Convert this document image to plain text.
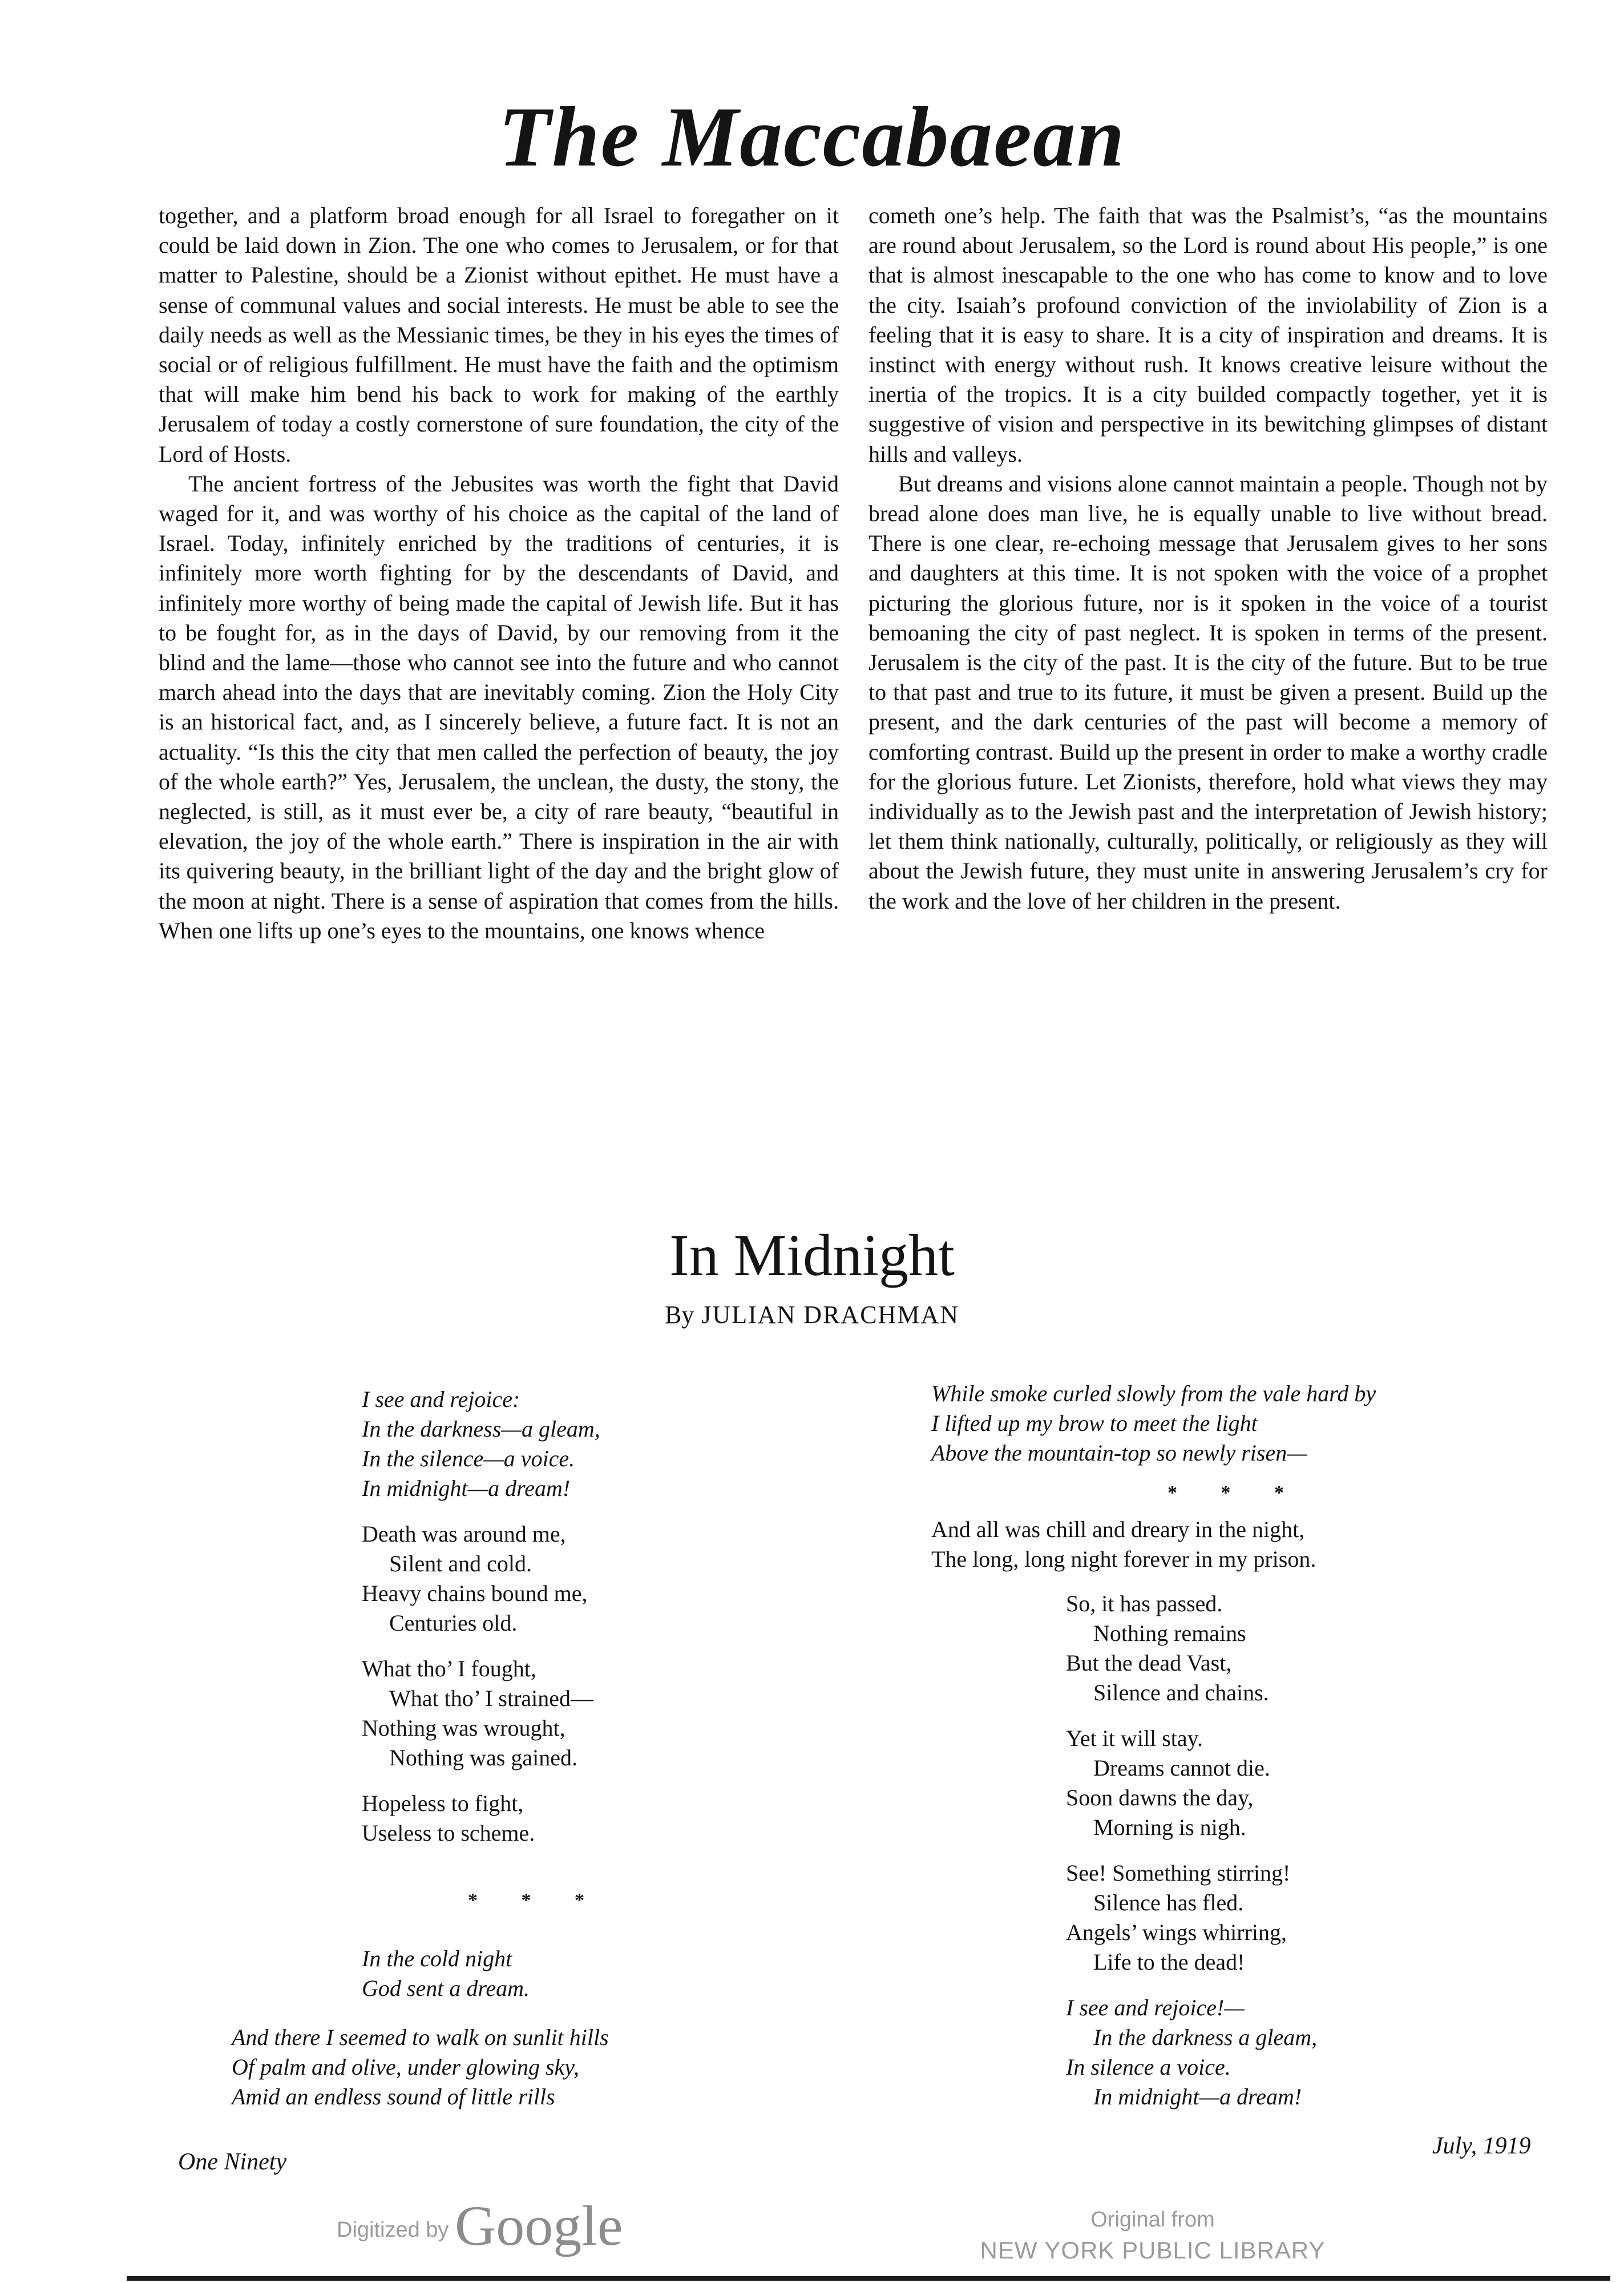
The Maccabaean

together, and a platform broad enough for all Israel to foregather on it could be laid down in Zion. The one who comes to Jerusalem, or for that matter to Palestine, should be a Zionist without epithet. He must have a sense of communal values and social interests. He must be able to see the daily needs as well as the Messianic times, be they in his eyes the times of social or of religious fulfillment. He must have the faith and the optimism that will make him bend his back to work for making of the earthly Jerusalem of today a costly cornerstone of sure foundation, the city of the Lord of Hosts.

The ancient fortress of the Jebusites was worth the fight that David waged for it, and was worthy of his choice as the capital of the land of Israel. Today, infinitely enriched by the traditions of centuries, it is infinitely more worth fighting for by the descendants of David, and infinitely more worthy of being made the capital of Jewish life. But it has to be fought for, as in the days of David, by our removing from it the blind and the lame—those who cannot see into the future and who cannot march ahead into the days that are inevitably coming. Zion the Holy City is an historical fact, and, as I sincerely believe, a future fact. It is not an actuality. “Is this the city that men called the perfection of beauty, the joy of the whole earth?” Yes, Jerusalem, the unclean, the dusty, the stony, the neglected, is still, as it must ever be, a city of rare beauty, “beautiful in elevation, the joy of the whole earth.” There is inspiration in the air with its quivering beauty, in the brilliant light of the day and the bright glow of the moon at night. There is a sense of aspiration that comes from the hills. When one lifts up one’s eyes to the mountains, one knows whence

cometh one’s help. The faith that was the Psalmist’s, “as the mountains are round about Jerusalem, so the Lord is round about His people,” is one that is almost inescapable to the one who has come to know and to love the city. Isaiah’s profound conviction of the inviolability of Zion is a feeling that it is easy to share. It is a city of inspiration and dreams. It is instinct with energy without rush. It knows creative leisure without the inertia of the tropics. It is a city builded compactly together, yet it is suggestive of vision and perspective in its bewitching glimpses of distant hills and valleys.

But dreams and visions alone cannot maintain a people. Though not by bread alone does man live, he is equally unable to live without bread. There is one clear, re-echoing message that Jerusalem gives to her sons and daughters at this time. It is not spoken with the voice of a prophet picturing the glorious future, nor is it spoken in the voice of a tourist bemoaning the city of past neglect. It is spoken in terms of the present. Jerusalem is the city of the past. It is the city of the future. But to be true to that past and true to its future, it must be given a present. Build up the present, and the dark centuries of the past will become a memory of comforting contrast. Build up the present in order to make a worthy cradle for the glorious future. Let Zionists, therefore, hold what views they may individually as to the Jewish past and the interpretation of Jewish history; let them think nationally, culturally, politically, or religiously as they will about the Jewish future, they must unite in answering Jerusalem’s cry for the work and the love of her children in the present.

In Midnight
By JULIAN DRACHMAN
I see and rejoice:
In the darkness—a gleam,
In the silence—a voice.
In midnight—a dream!
Death was around me,
Silent and cold.
Heavy chains bound me,
Centuries old.
What tho’ I fought,
What tho’ I strained—
Nothing was wrought,
Nothing was gained.
Hopeless to fight,
Useless to scheme.
* * *
In the cold night
God sent a dream.
And there I seemed to walk on sunlit hills
Of palm and olive, under glowing sky,
Amid an endless sound of little rills
While smoke curled slowly from the vale hard by
I lifted up my brow to meet the light
Above the mountain-top so newly risen—
* * *
And all was chill and dreary in the night,
The long, long night forever in my prison.
So, it has passed.
Nothing remains
But the dead Vast,
Silence and chains.
Yet it will stay.
Dreams cannot die.
Soon dawns the day,
Morning is nigh.
See! Something stirring!
Silence has fled.
Angels’ wings whirring,
Life to the dead!
I see and rejoice!—
In the darkness a gleam,
In silence a voice.
In midnight—a dream!
One Ninety
July, 1919
Digitized by Google	Original from
NEW YORK PUBLIC LIBRARY
